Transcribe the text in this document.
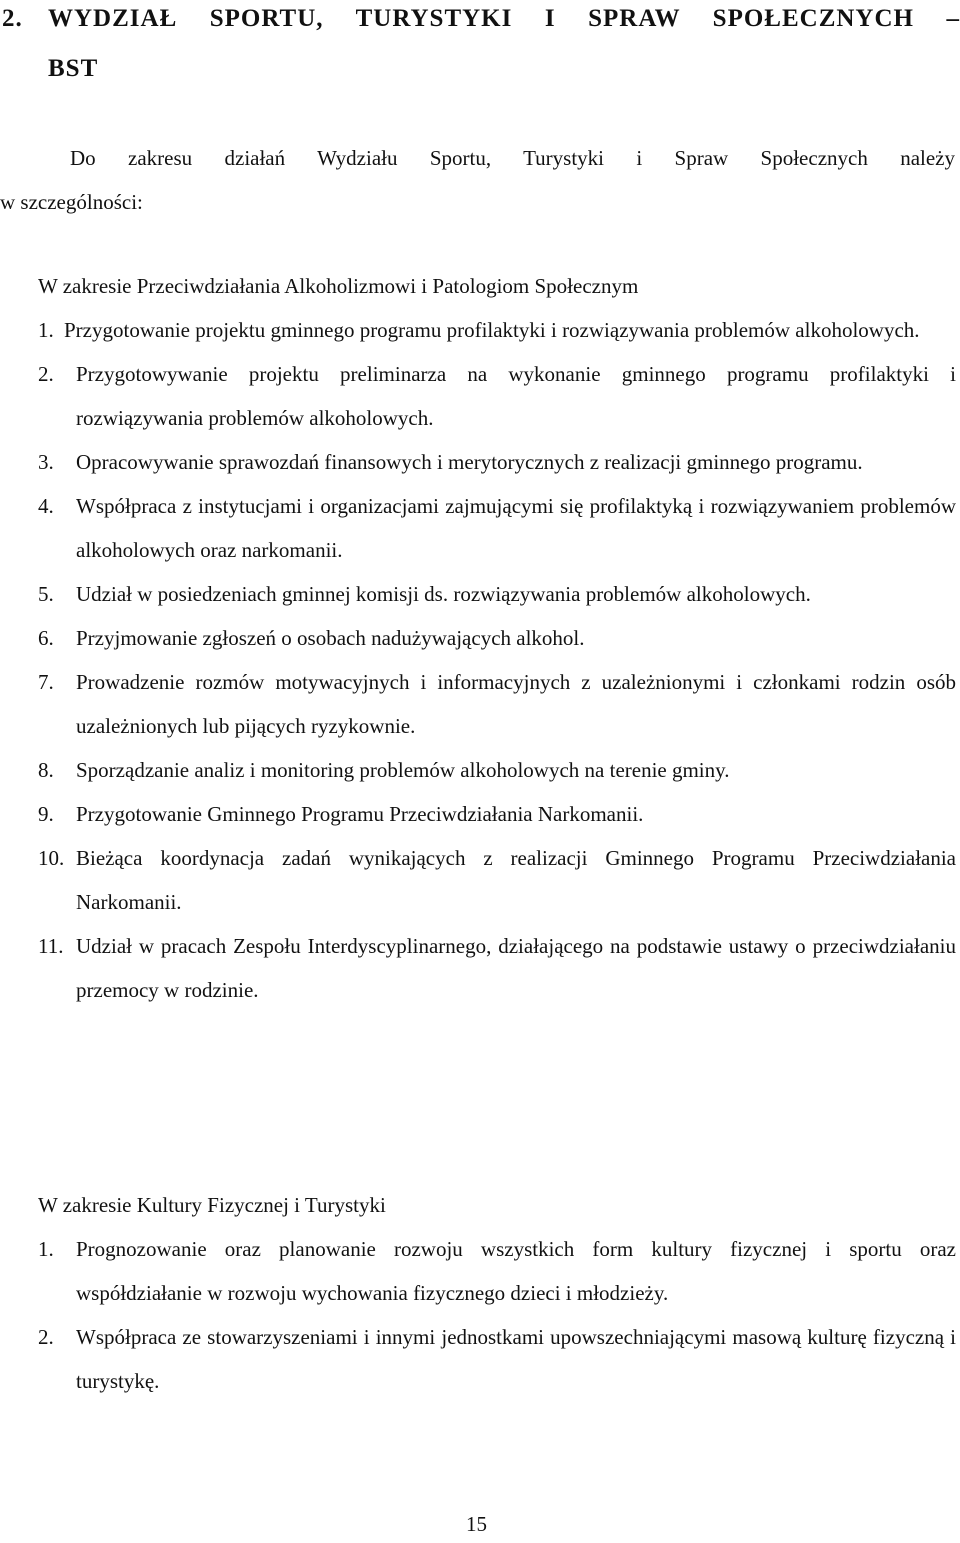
2. WYDZIAŁ SPORTU, TURYSTYKI I SPRAW SPOŁECZNYCH –
BST
Do zakresu działań Wydziału Sportu, Turystyki i Spraw Społecznych należy
w szczególności:
W zakresie Przeciwdziałania Alkoholizmowi i Patologiom Społecznym
1. Przygotowanie projektu gminnego programu profilaktyki i rozwiązywania problemów alkoholowych.
2. Przygotowywanie projektu preliminarza na wykonanie gminnego programu profilaktyki i rozwiązywania problemów alkoholowych.
3. Opracowywanie sprawozdań finansowych i merytorycznych z realizacji gminnego programu.
4. Współpraca z instytucjami i organizacjami zajmującymi się profilaktyką i rozwiązywaniem problemów alkoholowych oraz narkomanii.
5. Udział w posiedzeniach gminnej komisji ds. rozwiązywania problemów alkoholowych.
6. Przyjmowanie zgłoszeń o osobach nadużywających alkohol.
7. Prowadzenie rozmów motywacyjnych i informacyjnych z uzależnionymi i członkami rodzin osób uzależnionych lub pijących ryzykownie.
8. Sporządzanie analiz i monitoring problemów alkoholowych na terenie gminy.
9. Przygotowanie Gminnego Programu Przeciwdziałania Narkomanii.
10. Bieżąca koordynacja zadań wynikających z realizacji Gminnego Programu Przeciwdziałania Narkomanii.
11. Udział w pracach Zespołu Interdyscyplinarnego, działającego na podstawie ustawy o przeciwdziałaniu przemocy w rodzinie.
W zakresie Kultury Fizycznej i Turystyki
1. Prognozowanie oraz planowanie rozwoju wszystkich form kultury fizycznej i sportu oraz współdziałanie w rozwoju wychowania fizycznego dzieci i młodzieży.
2. Współpraca ze stowarzyszeniami i innymi jednostkami upowszechniającymi masową kulturę fizyczną i turystykę.
15
